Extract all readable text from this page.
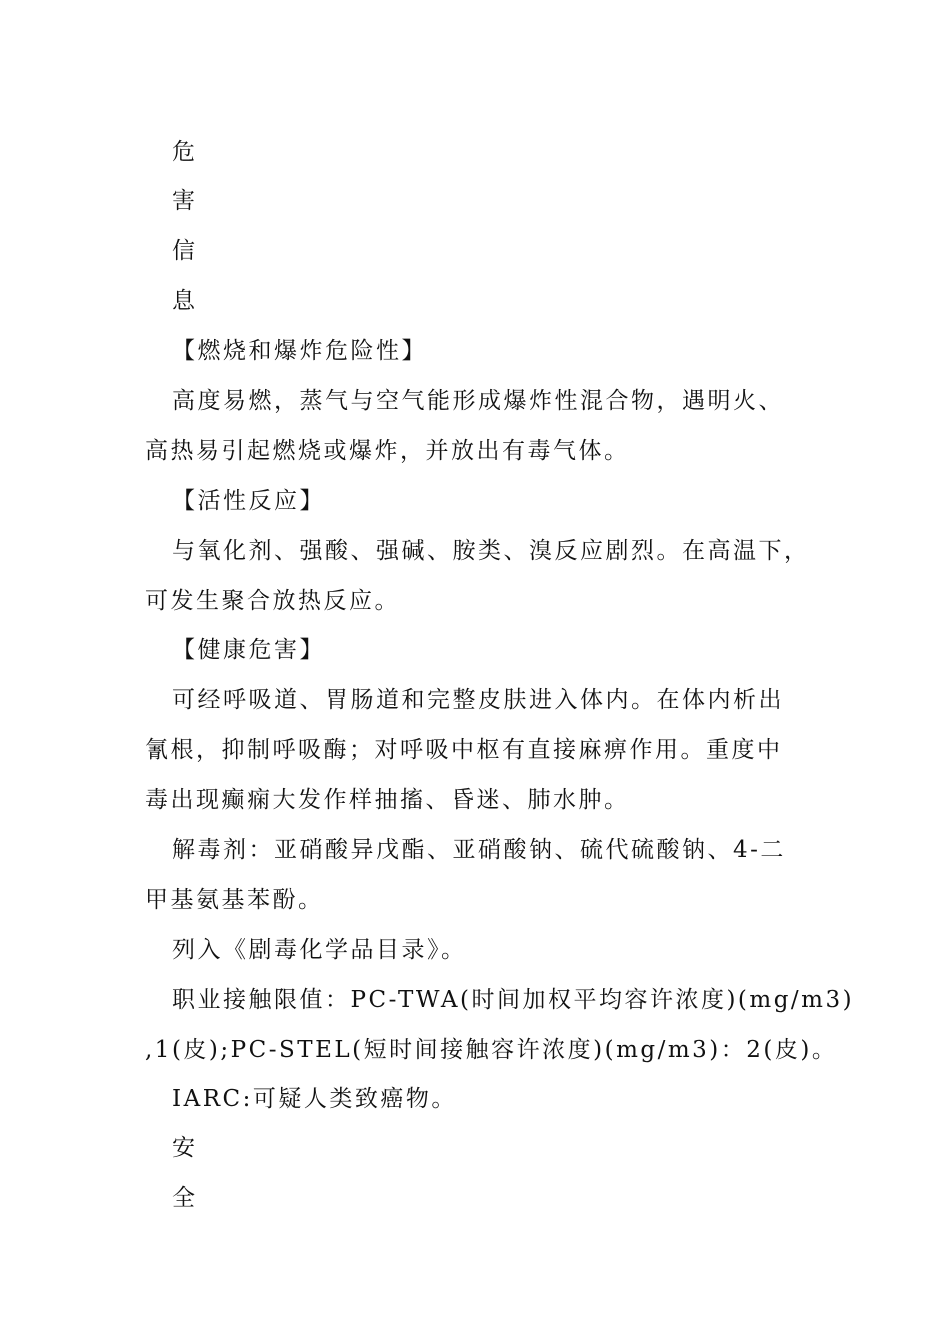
危
害
信
息
【燃烧和爆炸危险性】
高度易燃，蒸气与空气能形成爆炸性混合物，遇明火、
高热易引起燃烧或爆炸，并放出有毒气体。
【活性反应】
与氧化剂、强酸、强碱、胺类、溴反应剧烈。在高温下，
可发生聚合放热反应。
【健康危害】
可经呼吸道、胃肠道和完整皮肤进入体内。在体内析出
氰根，抑制呼吸酶；对呼吸中枢有直接麻痹作用。重度中
毒出现癫痫大发作样抽搐、昏迷、肺水肿。
解毒剂：亚硝酸异戊酯、亚硝酸钠、硫代硫酸钠、4-二
甲基氨基苯酚。
列入《剧毒化学品目录》。
职业接触限值：PC-TWA(时间加权平均容许浓度)(mg/m3)
,1(皮);PC-STEL(短时间接触容许浓度)(mg/m3)：2(皮)。
IARC:可疑人类致癌物。
安
全
